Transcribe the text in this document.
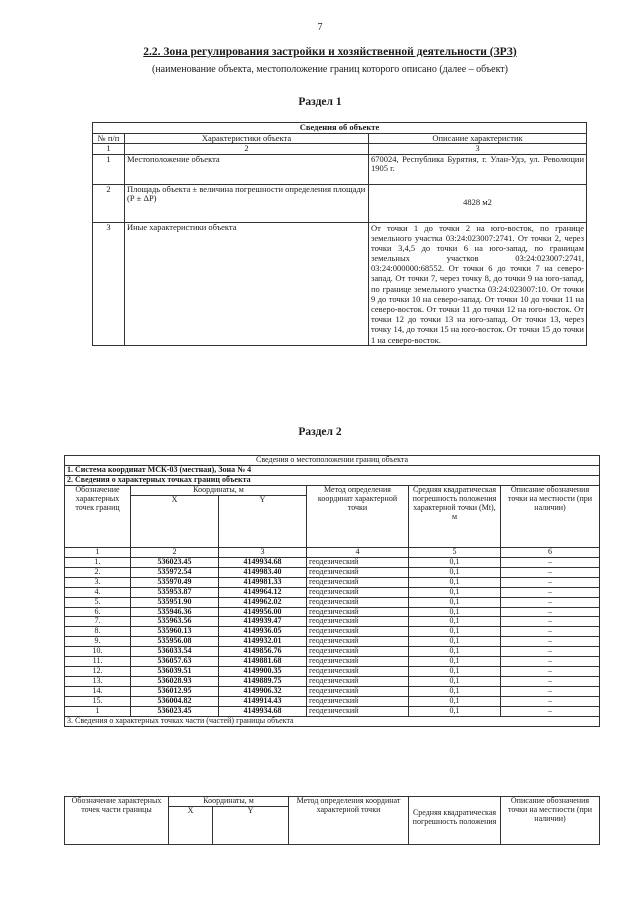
7
2.2. Зона регулирования застройки и хозяйственной деятельности (ЗРЗ)
(наименование объекта, местоположение границ которого описано (далее – объект)
Раздел 1
Сведения об объекте		
№ п/п	Характеристики объекта	Описание характеристик
1	2	3
1	Местоположение объекта	670024, Республика Бурятия, г. Улан-Удэ, ул. Революции 1905 г.
2	Площадь объекта ± величина погрешности определения площади (Р ± ΔР)	4828 м2
3	Иные характеристики объекта	От точки 1 до точки 2 на юго-восток, по границе земельного участка 03:24:023007:2741. От точки 2, через точки 3,4,5 до точки 6 на юго-запад, по границам земельных участков 03:24:023007:2741, 03:24:000000:68552. От точки 6 до точки 7 на северо-запад. От точки 7, через точку 8, до точки 9 на юго-запад, по границе земельного участка 03:24:023007:10. От точки 9 до точки 10 на северо-запад. От точки 10 до точки 11 на северо-восток. От точки 11 до точки 12 на юго-восток. От точки 12 до точки 13 на юго-запад. От точки 13, через точку 14, до точки 15 на юго-восток. От точки 15 до точки 1 на северо-восток.
Раздел 2
Сведения о местоположении границ объекта					
1. Система координат МСК-03 (местная), Зона № 4					
2. Сведения о характерных точках границ объекта					
Обозначение характерных точек границ	Координаты, м		Метод определения координат характерной точки	Средняя квадратическая погрешность положения характерной точки (Mt), м	Описание обозначения точки на местности (при наличии)
	X	Y			
1	2	3	4	5	6
1.	536023.45	4149934.68	геодезический	0,1	–
2.	535972.54	4149983.40	геодезический	0,1	–
3.	535970.49	4149981.33	геодезический	0,1	–
4.	535953.87	4149964.12	геодезический	0,1	–
5.	535951.90	4149962.02	геодезический	0,1	–
6.	535946.36	4149956.00	геодезический	0,1	–
7.	535963.56	4149939.47	геодезический	0,1	–
8.	535960.13	4149936.05	геодезический	0,1	–
9.	535956.08	4149932.01	геодезический	0,1	–
10.	536033.54	4149856.76	геодезический	0,1	–
11.	536057.63	4149881.68	геодезический	0,1	–
12.	536039.51	4149900.35	геодезический	0,1	–
13.	536028.93	4149889.75	геодезический	0,1	–
14.	536012.95	4149906.32	геодезический	0,1	–
15.	536004.82	4149914.43	геодезический	0,1	–
1	536023.45	4149934.68	геодезический	0,1	–
3. Сведения о характерных точках части (частей) границы объекта					
Обозначение характерных точек части границы	Координаты, м		Метод определения координат характерной точки	Средняя квадратическая погрешность положения	Описание обозначения точки на местности (при наличии)
	X	Y			
